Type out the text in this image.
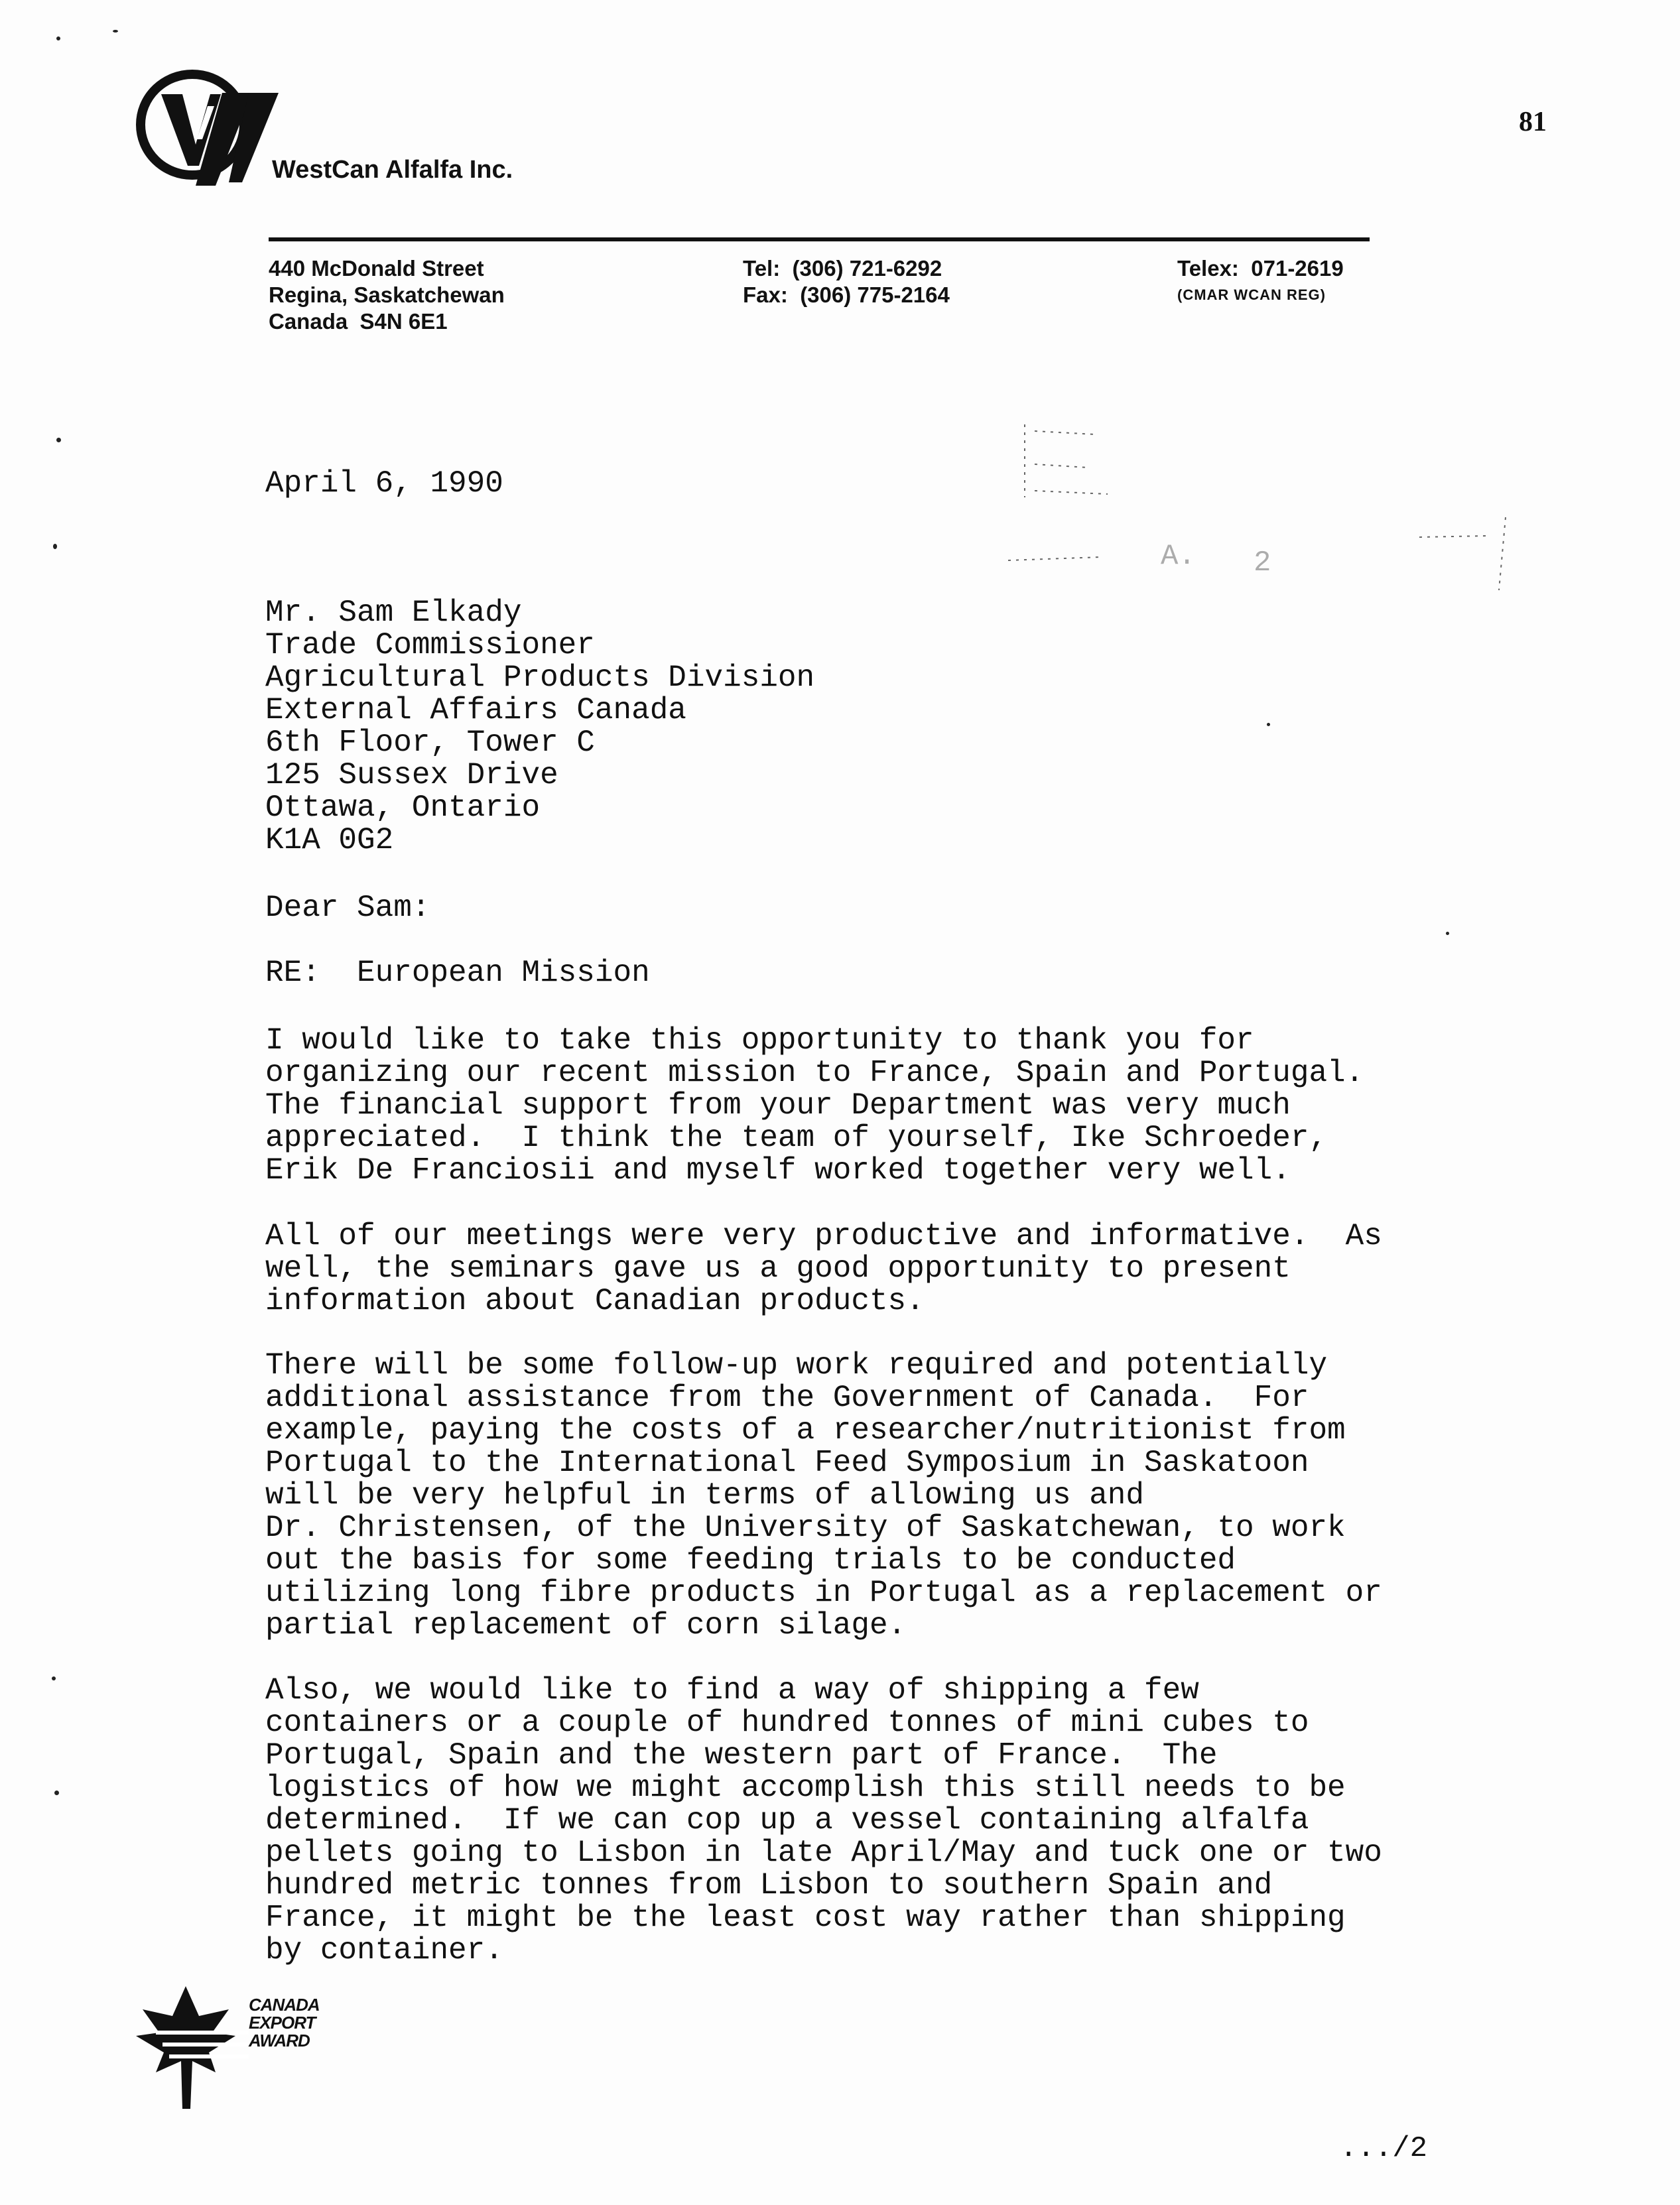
WestCan Alfalfa Inc.
81
440 McDonald Street
Regina, Saskatchewan
Canada  S4N 6E1
Tel:  (306) 721-6292
Fax:  (306) 775-2164
Telex:  071-2619
(CMAR WCAN REG)
A. 2
April 6, 1990
Mr. Sam Elkady
Trade Commissioner
Agricultural Products Division
External Affairs Canada
6th Floor, Tower C
125 Sussex Drive
Ottawa, Ontario
K1A 0G2
Dear Sam:
RE:  European Mission
I would like to take this opportunity to thank you for
organizing our recent mission to France, Spain and Portugal.
The financial support from your Department was very much
appreciated.  I think the team of yourself, Ike Schroeder,
Erik De Franciosii and myself worked together very well.
All of our meetings were very productive and informative.  As
well, the seminars gave us a good opportunity to present
information about Canadian products.
There will be some follow-up work required and potentially
additional assistance from the Government of Canada.  For
example, paying the costs of a researcher/nutritionist from
Portugal to the International Feed Symposium in Saskatoon
will be very helpful in terms of allowing us and
Dr. Christensen, of the University of Saskatchewan, to work
out the basis for some feeding trials to be conducted
utilizing long fibre products in Portugal as a replacement or
partial replacement of corn silage.
Also, we would like to find a way of shipping a few
containers or a couple of hundred tonnes of mini cubes to
Portugal, Spain and the western part of France.  The
logistics of how we might accomplish this still needs to be
determined.  If we can cop up a vessel containing alfalfa
pellets going to Lisbon in late April/May and tuck one or two
hundred metric tonnes from Lisbon to southern Spain and
France, it might be the least cost way rather than shipping
by container.
CANADA
EXPORT
AWARD
.../2
